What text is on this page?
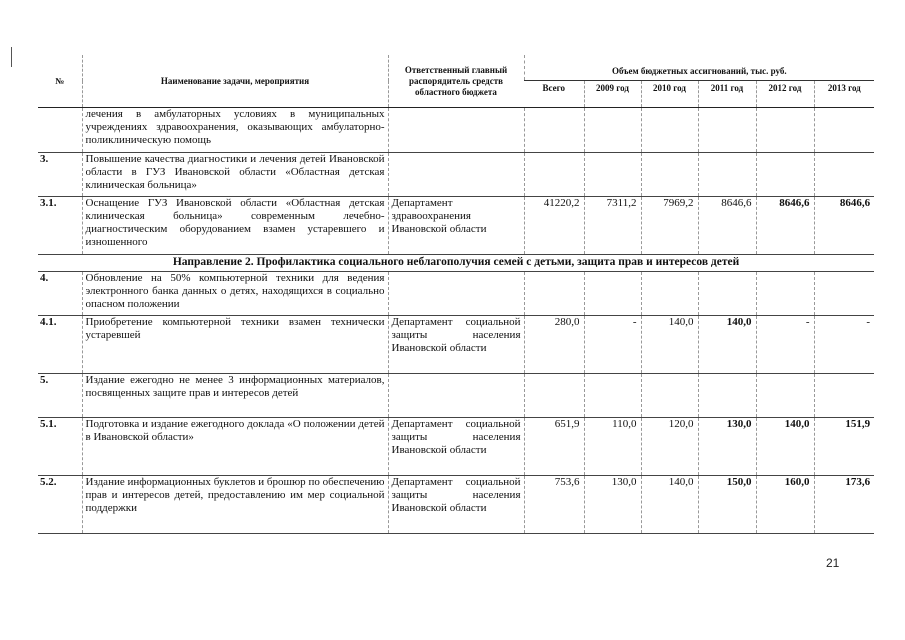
№	Наименование задачи, мероприятия	Ответственный главный распорядитель средств областного бюджета	Объем бюджетных ассигнований, тыс. руб.					
			Всего	2009 год	2010 год	2011 год	2012 год	2013 год
	лечения в амбулаторных условиях в муниципальных учреждениях здравоохранения, оказывающих амбулаторно-поликлиническую помощь							
3.	Повышение качества диагностики и лечения детей Ивановской области в ГУЗ Ивановской области «Областная детская клиническая больница»							
3.1.	Оснащение ГУЗ Ивановской области «Областная детская клиническая больница» современным лечебно-диагностическим оборудованием взамен устаревшего и изношенного	Департамент здравоохранения Ивановской области	41220,2	7311,2	7969,2	8646,6	8646,6	8646,6
Направление 2. Профилактика социального неблагополучия семей с детьми, защита прав и интересов детей								
4.	Обновление на 50% компьютерной техники для ведения электронного банка данных о детях, находящихся в социально опасном положении							
4.1.	Приобретение компьютерной техники взамен технически устаревшей	Департамент социальной защиты населения Ивановской области	280,0	-	140,0	140,0	-	-
5.	Издание ежегодно не менее 3 информационных материалов, посвященных защите прав и интересов детей							
5.1.	Подготовка и издание ежегодного доклада «О положении детей в Ивановской области»	Департамент социальной защиты населения Ивановской области	651,9	110,0	120,0	130,0	140,0	151,9
5.2.	Издание информационных буклетов и брошюр по обеспечению прав и интересов детей, предоставлению им мер социальной поддержки	Департамент социальной защиты населения Ивановской области	753,6	130,0	140,0	150,0	160,0	173,6
21
